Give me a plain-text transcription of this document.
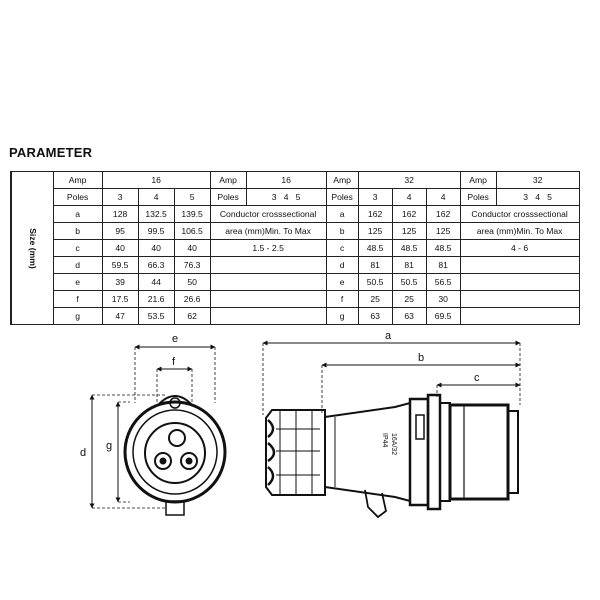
PARAMETER
Size (mm)	Amp	16			Amp	16	Amp	32			Amp	32
	Poles	3	4	5	Poles	3   4   5	Poles	3	4	4	Poles	3   4   5
	a	128	132.5	139.5	Conductor crosssectional		a	162	162	162	Conductor crosssectional	
	b	95	99.5	106.5	area (mm)Min. To Max		b	125	125	125	area (mm)Min. To Max	
	c	40	40	40	1.5 - 2.5		c	48.5	48.5	48.5	4 - 6	
	d	59.5	66.3	76.3			d	81	81	81		
	e	39	44	50			e	50.5	50.5	56.5		
	f	17.5	21.6	26.6			f	25	25	30		
	g	47	53.5	62			g	63	63	69.5		
e
f
d
g
a
b
c
16A/32
IP44
